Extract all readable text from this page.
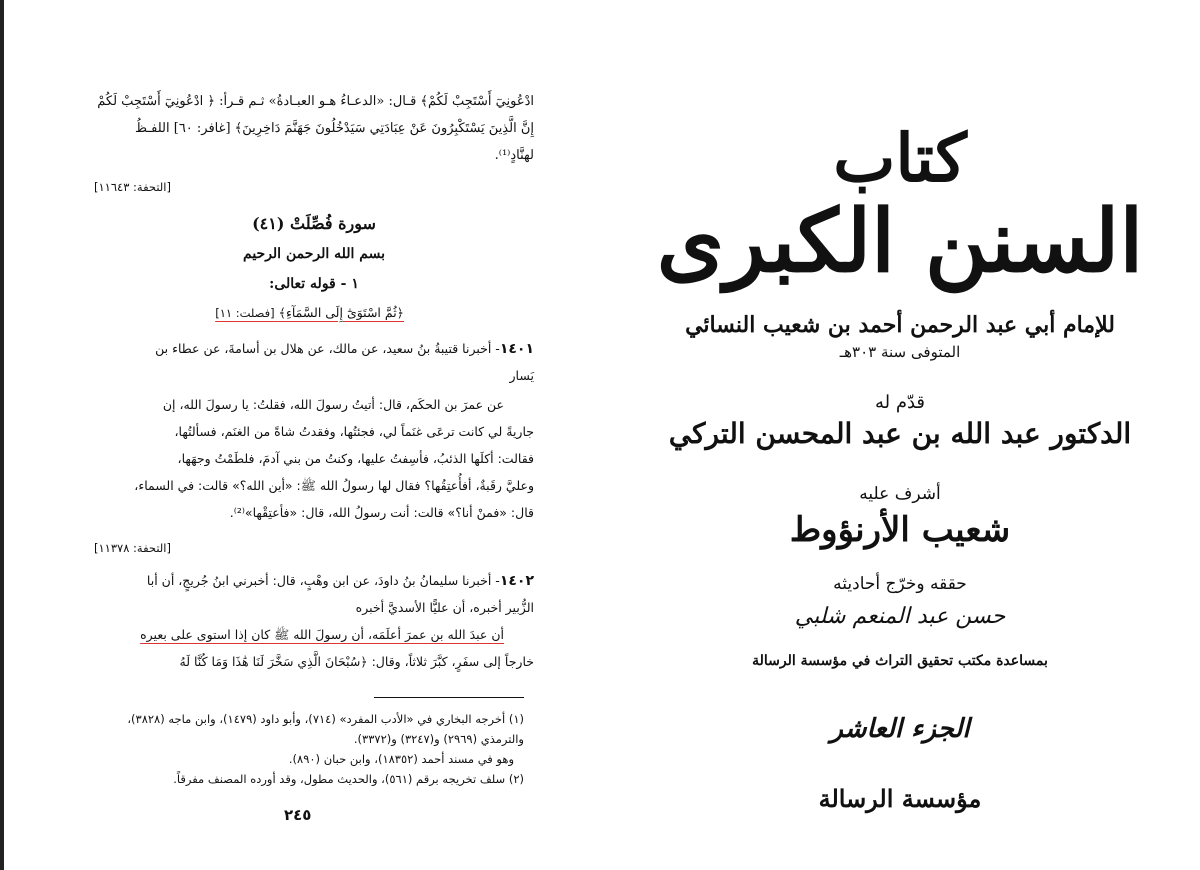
ادْعُونِيٓ أَسْتَجِبْ لَكُمْ﴾ قـال: «الدعـاءُ هـو العبـادةُ» ثـم قـرأ: ﴿ ادْعُونِيٓ أَسْتَجِبْ لَكُمْ
إِنَّ الَّذِينَ يَسْتَكْبِرُونَ عَنْ عِبَادَتِي سَيَدْخُلُونَ جَهَنَّمَ دَاخِرِينَ﴾ [غافر: ٦٠] اللفـظُ
لهنَّادٍ⁽¹⁾.
[التحفة: ١١٦٤٣]
سورة فُصِّلَتْ (٤١)
بسم الله الرحمن الرحيم
١ - قوله تعالى:
﴿ثُمَّ اسْتَوَىٰٓ إِلَى السَّمَآءِ﴾ [فصلت: ١١]
١٤٠١- أخبرنا قتيبةُ بنُ سعيد، عن مالك، عن هلال بن أسامةَ، عن عطاء بن
يَسار
عن عمرَ بن الحكَم، قال: أتيتُ رسولَ الله، فقلتُ: يا رسولَ الله، إن
جاريةً لي كانت ترعَى غنَماً لي، فجئتُها، وفقدتُ شاةً من الغنَم، فسألتُها،
فقالت: أكلَها الذئبُ، فأسِفتُ عليها، وكنتُ من بني آدمَ، فلطَمْتُ وجهَها،
وعليَّ رقَبةٌ، أفأُعتِقُها؟ فقال لها رسولُ الله ﷺ: «أين الله؟» قالت: في السماء،
قال: «فمنْ أنا؟» قالت: أنت رسولُ الله، قال: «فأعتِقْها»⁽²⁾.
[التحفة: ١١٣٧٨]
١٤٠٢- أخبرنا سليمانُ بنُ داودَ، عن ابن وهْبٍ، قال: أخبرني ابنُ جُريجٍ، أن أبا
الزُّبير أخبره، أن عليًّا الأسديَّ أخبره
أن عبدَ الله بن عمرَ أعلَمَه، أن رسولَ الله ﷺ كان إذا استوى على بعيره
خارجاً إلى سفَرٍ، كبَّرَ ثلاثاً، وقال: ﴿سُبْحَانَ الَّذِي سَخَّرَ لَنَا هَٰذَا وَمَا كُنَّا لَهُ
(١) أخرجه البخاري في «الأدب المفرد» (٧١٤)، وأبو داود (١٤٧٩)، وابن ماجه (٣٨٢٨)،
والترمذي (٢٩٦٩) و(٣٢٤٧) و(٣٣٧٢).
وهو في مسند أحمد (١٨٣٥٢)، وابن حبان (٨٩٠).
(٢) سلف تخريجه برقم (٥٦١)، والحديث مطول، وقد أورده المصنف مفرقاً.
٢٤٥
كتاب
السنن الكبرى
للإمام أبي عبد الرحمن أحمد بن شعيب النسائي
المتوفى سنة ٣٠٣هـ
قدّم له
الدكتور عبد الله بن عبد المحسن التركي
أشرف عليه
شعيب الأرنؤوط
حققه وخرّج أحاديثه
حسن عبد المنعم شلبي
بمساعدة مكتب تحقيق التراث في مؤسسة الرسالة
الجزء العاشر
مؤسسة الرسالة
